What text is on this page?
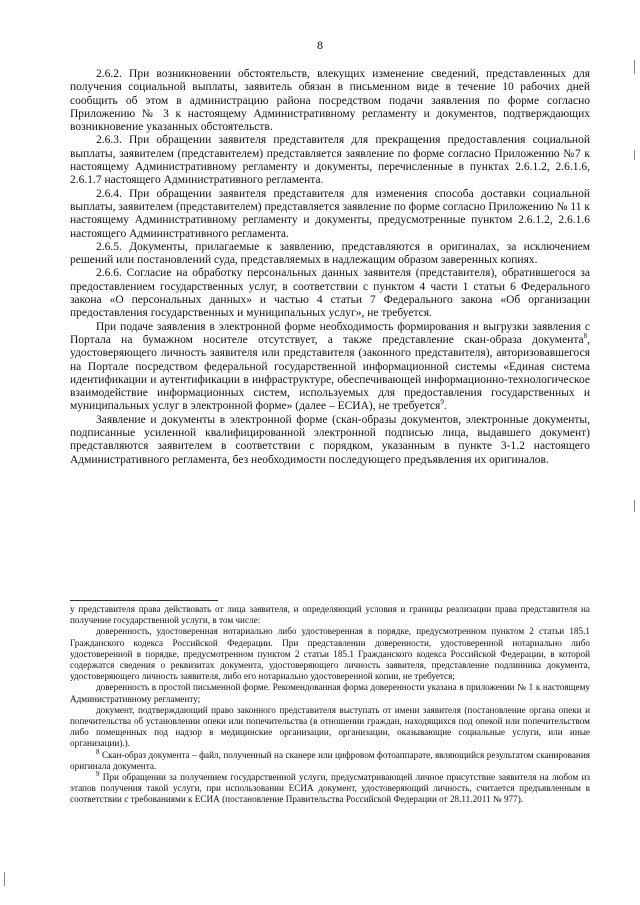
8

2.6.2. При возникновении обстоятельств, влекущих изменение сведений, представленных для получения социальной выплаты, заявитель обязан в письменном виде в течение 10 рабочих дней сообщить об этом в администрацию района посредством подачи заявления по форме согласно Приложению № 3 к настоящему Административному регламенту и документов, подтверждающих возникновение указанных обстоятельств.

2.6.3. При обращении заявителя представителя для прекращения предоставления социальной выплаты, заявителем (представителем) представляется заявление по форме согласно Приложению №7 к настоящему Административному регламенту и документы, перечисленные в пунктах 2.6.1.2, 2.6.1.6, 2.6.1.7 настоящего Административного регламента.

2.6.4. При обращении заявителя представителя для изменения способа доставки социальной выплаты, заявителем (представителем) представляется заявление по форме согласно Приложению № 11 к настоящему Административному регламенту и документы, предусмотренные пунктом 2.6.1.2, 2.6.1.6 настоящего Административного регламента.

2.6.5. Документы, прилагаемые к заявлению, представляются в оригиналах, за исключением решений или постановлений суда, представляемых в надлежащим образом заверенных копиях.

2.6.6. Согласие на обработку персональных данных заявителя (представителя), обратившегося за предоставлением государственных услуг, в соответствии с пунктом 4 части 1 статьи 6 Федерального закона «О персональных данных» и частью 4 статьи 7 Федерального закона «Об организации предоставления государственных и муниципальных услуг», не требуется.

При подаче заявления в электронной форме необходимость формирования и выгрузки заявления с Портала на бумажном носителе отсутствует, а также представление скан-образа документа$^8$, удостоверяющего личность заявителя или представителя (законного представителя), авторизовавшегося на Портале посредством федеральной государственной информационной системы «Единая система идентификации и аутентификации в инфраструктуре, обеспечивающей информационно-технологическое взаимодействие информационных систем, используемых для предоставления государственных и муниципальных услуг в электронной форме» (далее – ЕСИА), не требуется$^9$.

Заявление и документы в электронной форме (скан-образы документов, электронные документы, подписанные усиленной квалифицированной электронной подписью лица, выдавшего документ) представляются заявителем в соответствии с порядком, указанным в пункте 3-1.2 настоящего Административного регламента, без необходимости последующего предъявления их оригиналов.

у представителя права действовать от лица заявителя, и определяющий условия и границы реализации права представителя на получение государственной услуги, в том числе:

доверенность, удостоверенная нотариально либо удостоверенная в порядке, предусмотренном пунктом 2 статьи 185.1 Гражданского кодекса Российской Федерации. При представлении доверенности, удостоверенной нотариально либо удостоверенной в порядке, предусмотренном пунктом 2 статьи 185.1 Гражданского кодекса Российской Федерации, в которой содержатся сведения о реквизитах документа, удостоверяющего личность заявителя, представление подлинника документа, удостоверяющего личность заявителя, либо его нотариально удостоверенной копии, не требуется;

доверенность в простой письменной форме. Рекомендованная форма доверенности указана в приложении № 1 к настоящему Административному регламенту;

документ, подтверждающий право законного представителя выступать от имени заявителя (постановление органа опеки и попечительства об установлении опеки или попечительства (в отношении граждан, находящихся под опекой или попечительством либо помещенных под надзор в медицинские организации, организации, оказывающие социальные услуги, или иные организации).).

$^8$ Скан-образ документа – файл, полученный на сканере или цифровом фотоаппарате, являющийся результатом сканирования оригинала документа.

$^9$ При обращении за получением государственной услуги, предусматривающей личное присутствие заявителя на любом из этапов получения такой услуги, при использовании ЕСИА документ, удостоверяющий личность, считается предъявленным в соответствии с требованиями к ЕСИА (постановление Правительства Российской Федерации от 28.11.2011 № 977).
